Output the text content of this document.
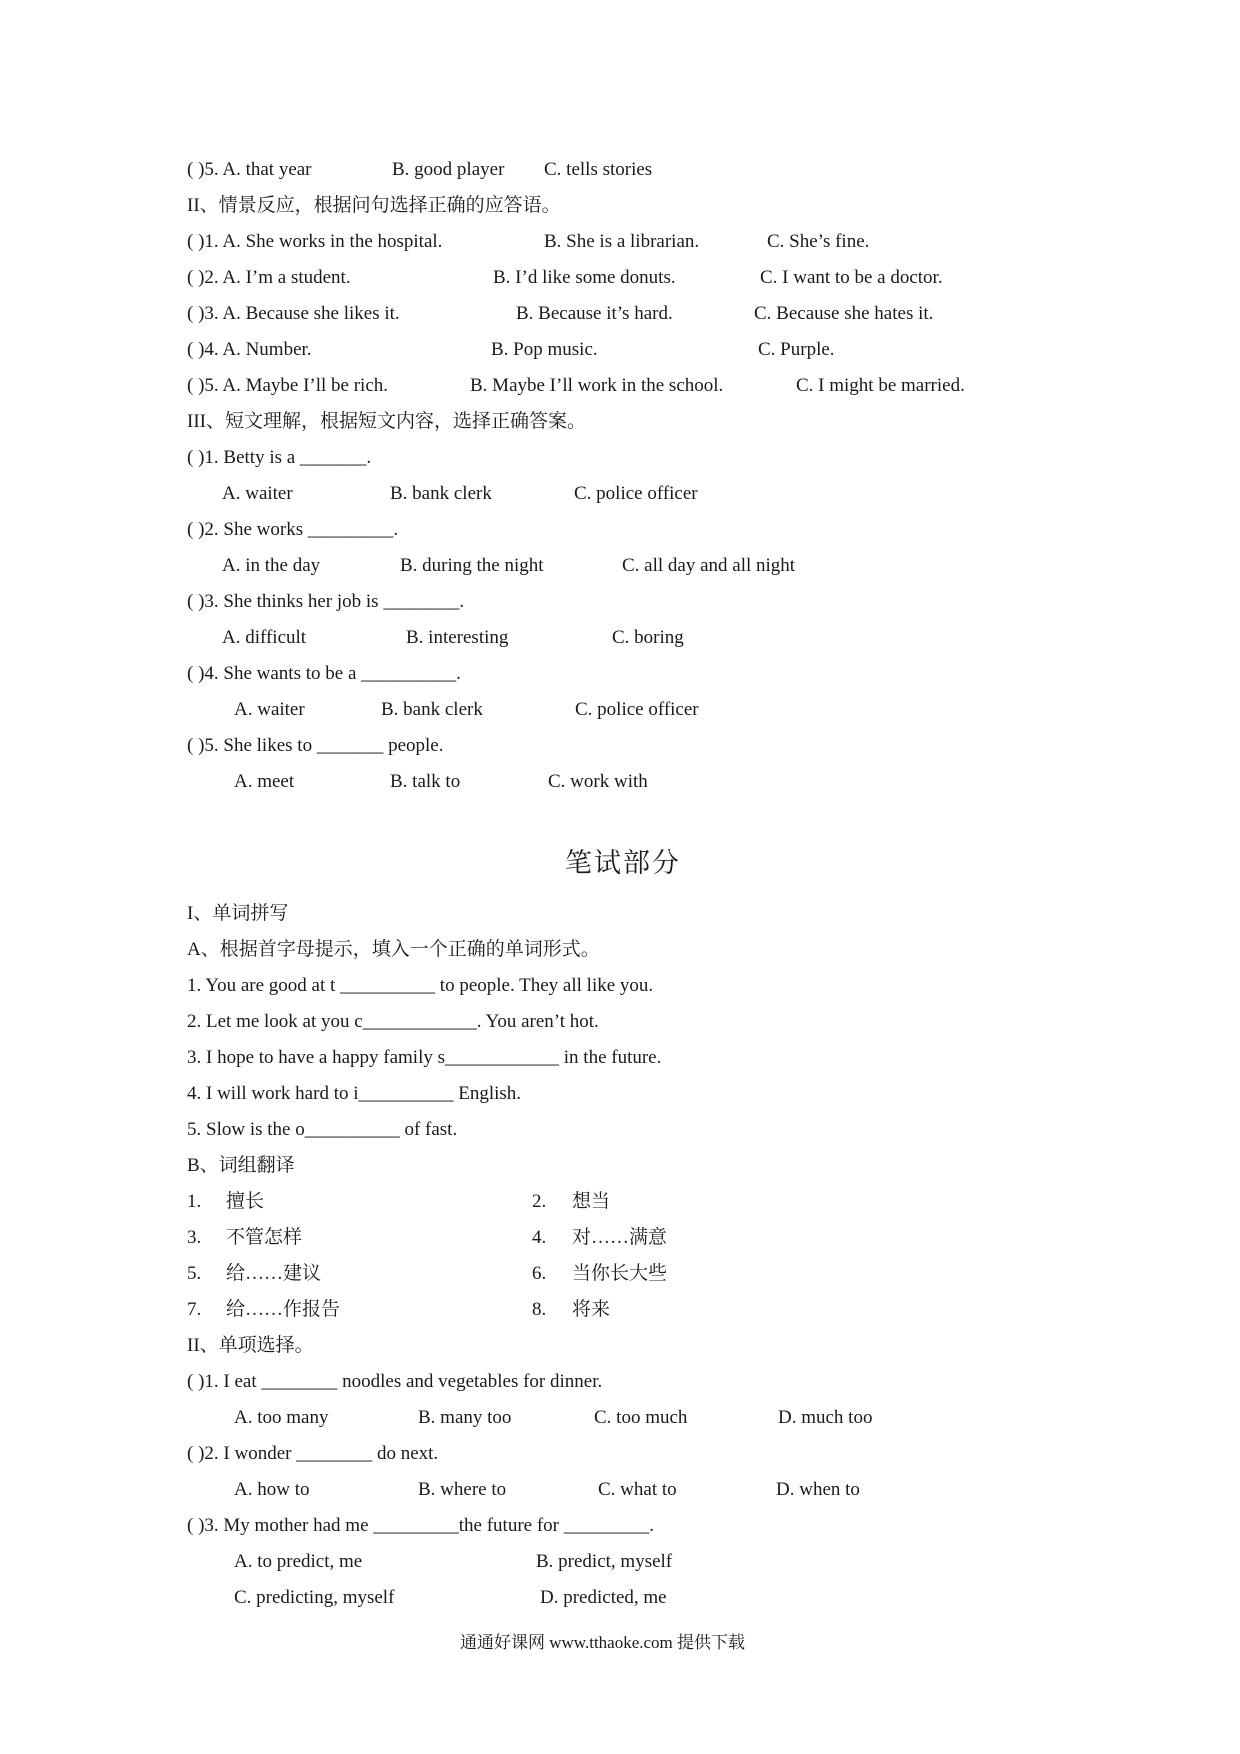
( )5. A. that year	B. good player C. tells stories
II、情景反应，根据问句选择正确的应答语。
( )1. A. She works in the hospital.	B. She is a librarian.	C. She’s fine.
( )2. A. I’m a student.	B. I’d like some donuts.	C. I want to be a doctor.
( )3. A. Because she likes it.	B. Because it’s hard.	C. Because she hates it.
( )4. A. Number.	B. Pop music.	C. Purple.
( )5. A. Maybe I’ll be rich.	B. Maybe I’ll work in the school.	C. I might be married.
III、短文理解，根据短文内容，选择正确答案。
( )1. Betty is a _______.
A. waiter	B. bank clerk	C. police officer
( )2. She works _________.
A. in the day	B. during the night	C. all day and all night
( )3. She thinks her job is ________.
A. difficult	B. interesting	C. boring
( )4. She wants to be a __________.
A. waiter	B. bank clerk	C. police officer
( )5. She likes to _______ people.
A. meet	B. talk to	C. work with
笔试部分
I、单词拼写
A、根据首字母提示，填入一个正确的单词形式。
1. You are good at t __________ to people. They all like you.
2. Let me look at you c____________. You aren’t hot.
3. I hope to have a happy family s____________ in the future.
4. I will work hard to i__________ English.
5. Slow is the o__________ of fast.
B、词组翻译
1. 擅长	2. 想当
3. 不管怎样	4. 对……满意
5. 给……建议	6. 当你长大些
7. 给……作报告	8. 将来
II、单项选择。
( )1. I eat ________ noodles and vegetables for dinner.
A. too many	B. many too	C. too much	D. much too
( )2. I wonder ________ do next.
A. how to	B. where to	C. what to	D. when to
( )3. My mother had me _________the future for _________.
A. to predict, me	B. predict, myself
C. predicting, myself	D. predicted, me
通通好课网 www.tthaoke.com 提供下载
